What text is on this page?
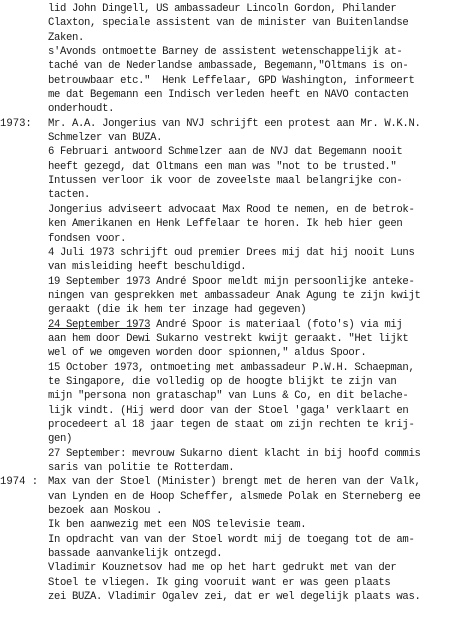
lid John Dingell, US ambassadeur Lincoln Gordon, Philander
Claxton, speciale assistent van de minister van Buitenlandse
Zaken.
s'Avonds ontmoette Barney de assistent wetenschappelijk at-
taché van de Nederlandse ambassade, Begemann,"Oltmans is on-
betrouwbaar etc."  Henk Leffelaar, GPD Washington, informeert
me dat Begemann een Indisch verleden heeft en NAVO contacten
onderhoudt.
1973:	Mr. A.A. Jongerius van NVJ schrijft een protest aan Mr. W.K.N.
Schmelzer van BUZA.
6 Februari antwoord Schmelzer aan de NVJ dat Begemann nooit
heeft gezegd, dat Oltmans een man was "not to be trusted."
Intussen verloor ik voor de zoveelste maal belangrijke con-
tacten.
Jongerius adviseert advocaat Max Rood te nemen, en de betrok-
ken Amerikanen en Henk Leffelaar te horen. Ik heb hier geen
fondsen voor.
4 Juli 1973 schrijft oud premier Drees mij dat hij nooit Luns
van misleiding heeft beschuldigd.
19 September 1973 André Spoor meldt mijn persoonlijke anteke-
ningen van gesprekken met ambassadeur Anak Agung te zijn kwijt
geraakt (die ik hem ter inzage had gegeven)
24 September 1973 André Spoor is materiaal (foto's) via mij
aan hem door Dewi Sukarno vestrekt kwijt geraakt. "Het lijkt
wel of we omgeven worden door spionnen," aldus Spoor.
15 October 1973, ontmoeting met ambassadeur P.W.H. Schaepman,
te Singapore, die volledig op de hoogte blijkt te zijn van
mijn "persona non grataschap" van Luns & Co, en dit belache-
lijk vindt. (Hij werd door van der Stoel 'gaga' verklaart en
procedeert al 18 jaar tegen de staat om zijn rechten te krij-
gen)
27 September: mevrouw Sukarno dient klacht in bij hoofd commis
saris van politie te Rotterdam.
1974 : Max van der Stoel (Minister) brengt met de heren van der Valk,
van Lynden en de Hoop Scheffer, alsmede Polak en Sterneberg ee
bezoek aan Moskou .
Ik ben aanwezig met een NOS televisie team.
In opdracht van van der Stoel wordt mij de toegang tot de am-
bassade aanvankelijk ontzegd.
Vladimir Kouznetsov had me op het hart gedrukt met van der
Stoel te vliegen. Ik ging vooruit want er was geen plaats
zei BUZA. Vladimir Ogalev zei, dat er wel degelijk plaats was.
